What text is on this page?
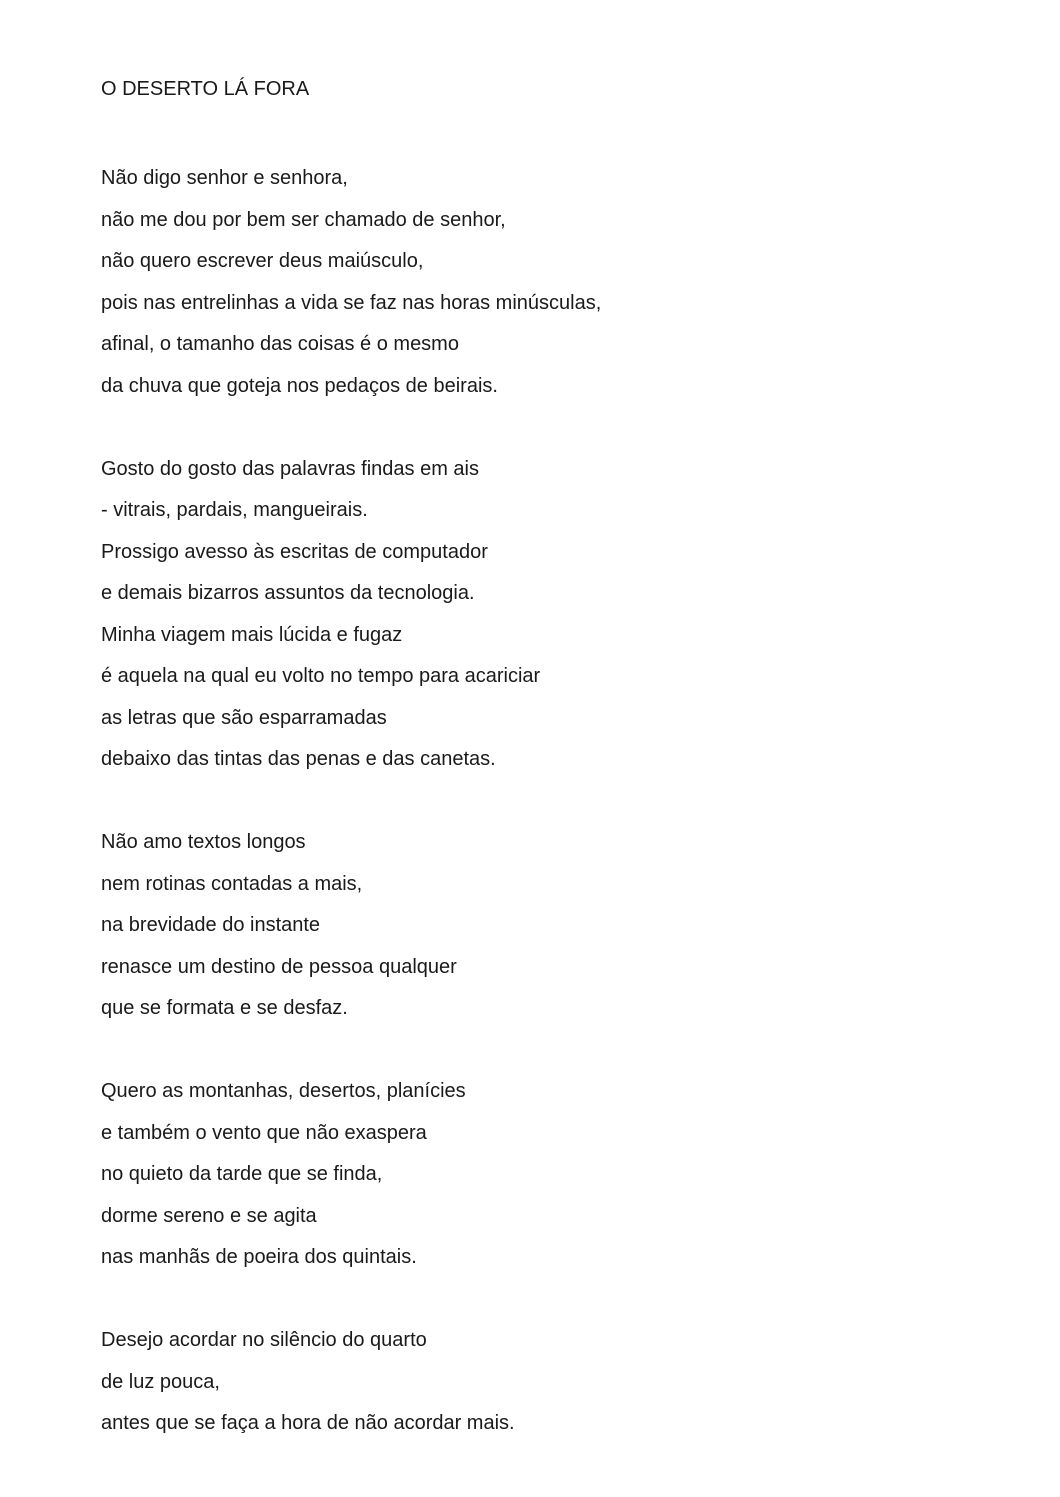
O DESERTO LÁ FORA
Não digo senhor e senhora,
não me dou por bem ser chamado de senhor,
não quero escrever deus maiúsculo,
pois nas entrelinhas a vida se faz nas horas minúsculas,
afinal, o tamanho das coisas é o mesmo
da chuva que goteja nos pedaços de beirais.
Gosto do gosto das palavras findas em ais
- vitrais, pardais, mangueirais.
Prossigo avesso às escritas de computador
e demais bizarros assuntos da tecnologia.
Minha viagem mais lúcida e fugaz
é aquela na qual eu volto no tempo para acariciar
as letras que são esparramadas
debaixo das tintas das penas e das canetas.
Não amo textos longos
nem rotinas contadas a mais,
na brevidade do instante
renasce um destino de pessoa qualquer
que se formata e se desfaz.
Quero as montanhas, desertos, planícies
e também o vento que não exaspera
no quieto da tarde que se finda,
dorme sereno e se agita
nas manhãs de poeira dos quintais.
Desejo acordar no silêncio do quarto
de luz pouca,
antes que se faça a hora de não acordar mais.
